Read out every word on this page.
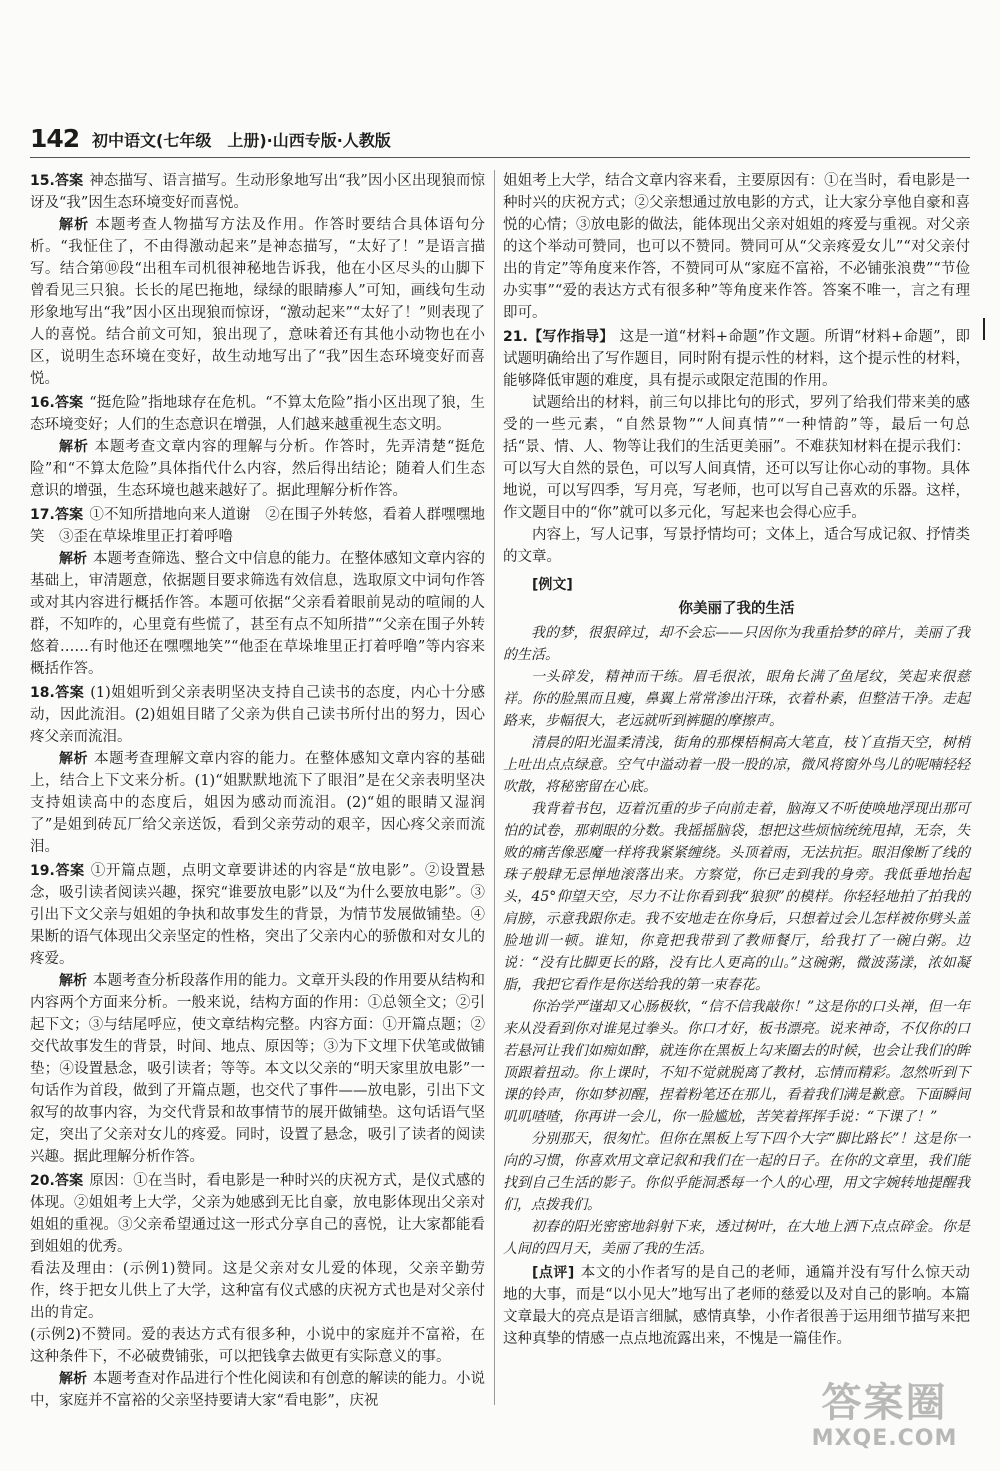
142 初中语文(七年级　上册)·山西专版·人教版

15.答案 神态描写、语言描写。生动形象地写出“我”因小区出现狼而惊讶及“我”因生态环境变好而喜悦。

解析 本题考查人物描写方法及作用。作答时要结合具体语句分析。“我怔住了，不由得激动起来”是神态描写，“太好了！”是语言描写。结合第⑩段“出租车司机很神秘地告诉我，他在小区尽头的山脚下曾看见三只狼。长长的尾巴拖地，绿绿的眼睛瘆人”可知，画线句生动形象地写出“我”因小区出现狼而惊讶，“激动起来”“太好了！”则表现了人的喜悦。结合前文可知，狼出现了，意味着还有其他小动物也在小区，说明生态环境在变好，故生动地写出了“我”因生态环境变好而喜悦。

16.答案 “挺危险”指地球存在危机。“不算太危险”指小区出现了狼，生态环境变好；人们的生态意识在增强，人们越来越重视生态文明。

解析 本题考查文章内容的理解与分析。作答时，先弄清楚“挺危险”和“不算太危险”具体指代什么内容，然后得出结论；随着人们生态意识的增强，生态环境也越来越好了。据此理解分析作答。

17.答案 ①不知所措地向来人道谢　②在围子外转悠，看着人群嘿嘿地笑　③歪在草垛堆里正打着呼噜

解析 本题考查筛选、整合文中信息的能力。在整体感知文章内容的基础上，审清题意，依据题目要求筛选有效信息，选取原文中词句作答或对其内容进行概括作答。本题可依据“父亲看着眼前晃动的喧闹的人群，不知咋的，心里竟有些慌了，甚至有点不知所措”“父亲在围子外转悠着……有时他还在嘿嘿地笑”“他歪在草垛堆里正打着呼噜”等内容来概括作答。

18.答案 (1)姐姐听到父亲表明坚决支持自己读书的态度，内心十分感动，因此流泪。(2)姐姐目睹了父亲为供自己读书所付出的努力，因心疼父亲而流泪。

解析 本题考查理解文章内容的能力。在整体感知文章内容的基础上，结合上下文来分析。(1)“姐默默地流下了眼泪”是在父亲表明坚决支持姐读高中的态度后，姐因为感动而流泪。(2)“姐的眼睛又湿润了”是姐到砖瓦厂给父亲送饭，看到父亲劳动的艰辛，因心疼父亲而流泪。

19.答案 ①开篇点题，点明文章要讲述的内容是“放电影”。②设置悬念，吸引读者阅读兴趣，探究“谁要放电影”以及“为什么要放电影”。③引出下文父亲与姐姐的争执和故事发生的背景，为情节发展做铺垫。④果断的语气体现出父亲坚定的性格，突出了父亲内心的骄傲和对女儿的疼爱。

解析 本题考查分析段落作用的能力。文章开头段的作用要从结构和内容两个方面来分析。一般来说，结构方面的作用：①总领全文；②引起下文；③与结尾呼应，使文章结构完整。内容方面：①开篇点题；②交代故事发生的背景，时间、地点、原因等；③为下文埋下伏笔或做铺垫；④设置悬念，吸引读者；等等。本文以父亲的“明天家里放电影”一句话作为首段，做到了开篇点题，也交代了事件——放电影，引出下文叙写的故事内容，为交代背景和故事情节的展开做铺垫。这句话语气坚定，突出了父亲对女儿的疼爱。同时，设置了悬念，吸引了读者的阅读兴趣。据此理解分析作答。

20.答案 原因：①在当时，看电影是一种时兴的庆祝方式，是仪式感的体现。②姐姐考上大学，父亲为她感到无比自豪，放电影体现出父亲对姐姐的重视。③父亲希望通过这一形式分享自己的喜悦，让大家都能看到姐姐的优秀。

看法及理由：(示例1)赞同。这是父亲对女儿爱的体现，父亲辛勤劳作，终于把女儿供上了大学，这种富有仪式感的庆祝方式也是对父亲付出的肯定。

(示例2)不赞同。爱的表达方式有很多种，小说中的家庭并不富裕，在这种条件下，不必破费铺张，可以把钱拿去做更有实际意义的事。

解析 本题考查对作品进行个性化阅读和有创意的解读的能力。小说中，家庭并不富裕的父亲坚持要请大家“看电影”，庆祝

姐姐考上大学，结合文章内容来看，主要原因有：①在当时，看电影是一种时兴的庆祝方式；②父亲想通过放电影的方式，让大家分享他自豪和喜悦的心情；③放电影的做法，能体现出父亲对姐姐的疼爱与重视。对父亲的这个举动可赞同，也可以不赞同。赞同可从“父亲疼爱女儿”“对父亲付出的肯定”等角度来作答，不赞同可从“家庭不富裕，不必铺张浪费”“节俭办实事”“爱的表达方式有很多种”等角度来作答。答案不唯一，言之有理即可。

21.【写作指导】 这是一道“材料+命题”作文题。所谓“材料+命题”，即试题明确给出了写作题目，同时附有提示性的材料，这个提示性的材料，能够降低审题的难度，具有提示或限定范围的作用。

试题给出的材料，前三句以排比句的形式，罗列了给我们带来美的感受的一些元素，“自然景物”“人间真情”“一种情韵”等，最后一句总括“景、情、人、物等让我们的生活更美丽”。不难获知材料在提示我们：可以写大自然的景色，可以写人间真情，还可以写让你心动的事物。具体地说，可以写四季，写月亮，写老师，也可以写自己喜欢的乐器。这样，作文题目中的“你”就可以多元化，写起来也会得心应手。

内容上，写人记事，写景抒情均可；文体上，适合写成记叙、抒情类的文章。

[例文]

你美丽了我的生活

我的梦，很狠碎过，却不会忘——只因你为我重拾梦的碎片，美丽了我的生活。

一头碎发，精神而干练。眉毛很浓，眼角长满了鱼尾纹，笑起来很慈祥。你的脸黑而且瘦，鼻翼上常常渗出汗珠，衣着朴素，但整洁干净。走起路来，步幅很大，老远就听到裤腿的摩擦声。

清晨的阳光温柔清浅，街角的那棵梧桐高大笔直，枝丫直指天空，树梢上吐出点点绿意。空气中溢动着一股一股的凉，微风将窗外鸟儿的呢喃轻轻吹散，将秘密留在心底。

我背着书包，迈着沉重的步子向前走着，脑海又不听使唤地浮现出那可怕的试卷，那刺眼的分数。我摇摇脑袋，想把这些烦恼统统甩掉，无奈，失败的痛苦像恶魔一样将我紧紧缠绕。头顶着雨，无法抗拒。眼泪像断了线的珠子般肆无忌惮地滚落出来。方察觉，你已走到我的身旁。我低垂地抬起头，45°仰望天空，尽力不让你看到我“狼狈”的模样。你轻轻地拍了拍我的肩膀，示意我跟你走。我不安地走在你身后，只想着过会儿怎样被你劈头盖脸地训一顿。谁知，你竟把我带到了教师餐厅，给我打了一碗白粥。边说：“没有比脚更长的路，没有比人更高的山。”这碗粥，微波荡漾，浓如凝脂，我把它看作是你送给我的第一束春花。

你治学严谨却又心肠极软，“信不信我敲你！”这是你的口头禅，但一年来从没看到你对谁晃过拳头。你口才好，板书漂亮。说来神奇，不仅你的口若悬河让我们如痴如醉，就连你在黑板上勾来圈去的时候，也会让我们的眸顶跟着扭动。你上课时，不知不觉就脱离了教材，忘情而精彩。忽然听到下课的铃声，你如梦初醒，捏着粉笔还在那儿，看着我们满是歉意。下面瞬间叽叽喳喳，你再讲一会儿，你一脸尴尬，苦笑着挥挥手说：“下课了！”

分别那天，很匆忙。但你在黑板上写下四个大字“脚比路长”！这是你一向的习惯，你喜欢用文章记叙和我们在一起的日子。在你的文章里，我们能找到自己生活的影子。你似乎能洞悉每一个人的心理，用文字婉转地提醒我们，点拨我们。

初春的阳光密密地斜射下来，透过树叶，在大地上洒下点点碎金。你是人间的四月天，美丽了我的生活。

[点评] 本文的小作者写的是自己的老师，通篇并没有写什么惊天动地的大事，而是“以小见大”地写出了老师的慈爱以及对自己的影响。本篇文章最大的亮点是语言细腻，感情真挚，小作者很善于运用细节描写来把这种真挚的情感一点点地流露出来，不愧是一篇佳作。

答案圈
MXQE.COM
